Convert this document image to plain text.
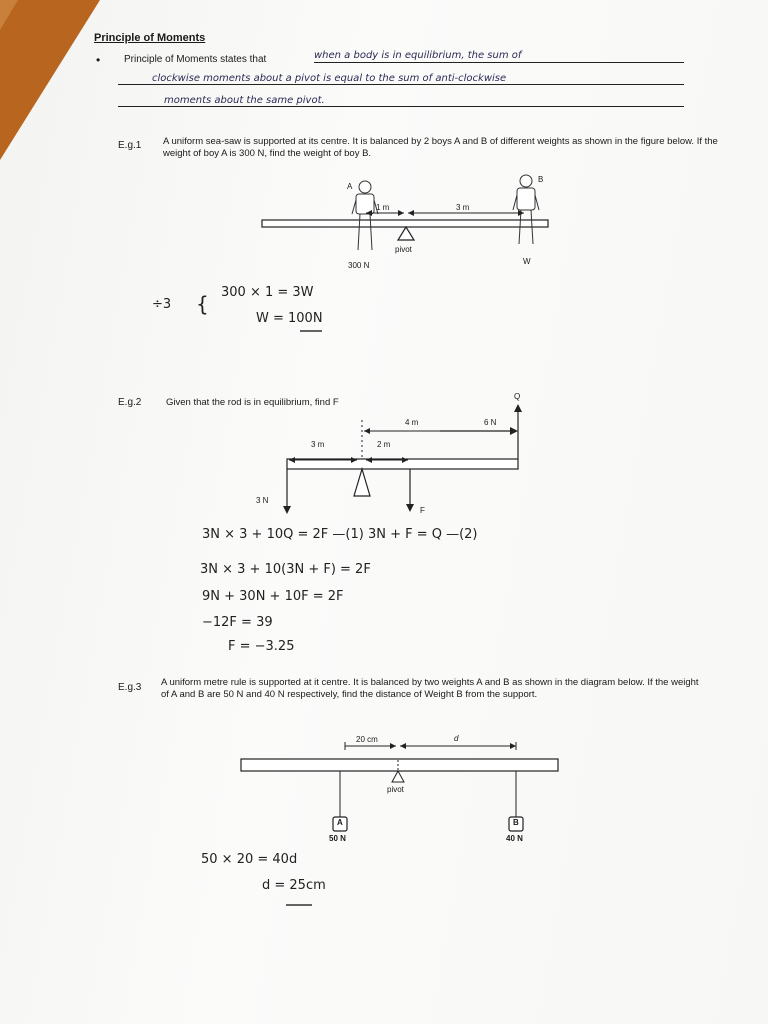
Principle of Moments
• Principle of Moments states that	when a body is in equilibrium, the sum of
clockwise moments about a pivot is equal to the sum of anti-clockwise
moments about the same pivot.
E.g.1 A uniform sea-saw is supported at its centre. It is balanced by 2 boys A and B of different weights as shown in the figure below. If the weight of boy A is 300 N, find the weight of boy B.
A
B
1 m	3 m
pivot
300 N	W
÷3 { 300 × 1 = 3W
W = 100N
E.g.2	Given that the rod is in equilibrium, find F
Q
4 m	6 N
3 m	2 m
3 N
F
3N × 3 + 10Q = 2F —(1) 3N + F = Q —(2)
3N × 3 + 10(3N + F) = 2F
9N + 30N + 10F = 2F
−12F = 39
F = −3.25
E.g.3 A uniform metre rule is supported at it centre. It is balanced by two weights A and B as shown in the diagram below. If the weight of A and B are 50 N and 40 N respectively, find the distance of Weight B from the support.
20 cm	d
pivot
A	B
50 N	40 N
50 × 20 = 40d
d = 25cm
